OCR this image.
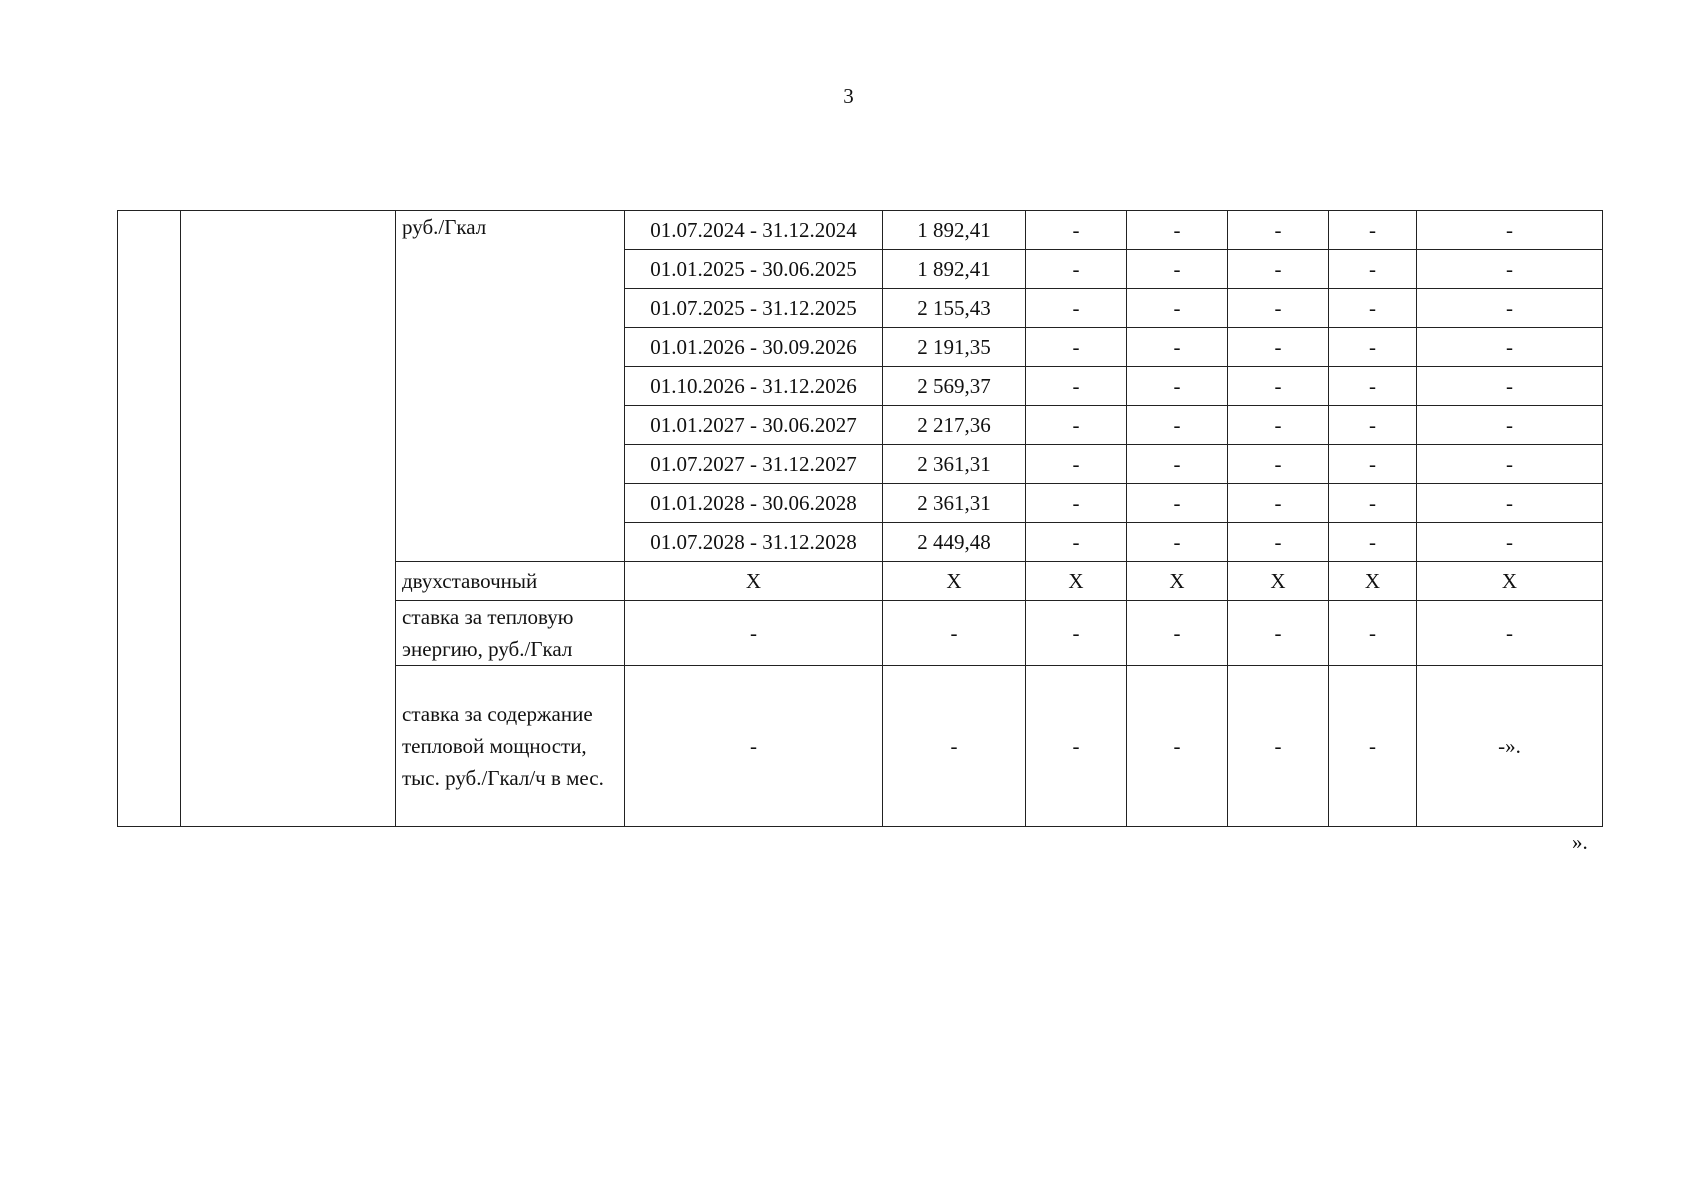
3
		руб./Гкал	01.07.2024 - 31.12.2024	1 892,41	-	-	-	-	-
			01.01.2025 - 30.06.2025	1 892,41	-	-	-	-	-
			01.07.2025 - 31.12.2025	2 155,43	-	-	-	-	-
			01.01.2026 - 30.09.2026	2 191,35	-	-	-	-	-
			01.10.2026 - 31.12.2026	2 569,37	-	-	-	-	-
			01.01.2027 - 30.06.2027	2 217,36	-	-	-	-	-
			01.07.2027 - 31.12.2027	2 361,31	-	-	-	-	-
			01.01.2028 - 30.06.2028	2 361,31	-	-	-	-	-
			01.07.2028 - 31.12.2028	2 449,48	-	-	-	-	-
		двухставочный	X	X	X	X	X	X	X
		ставка за тепловую энергию, руб./Гкал	-	-	-	-	-	-	-
		ставка за содержание тепловой мощности, тыс. руб./Гкал/ч в мес.	-	-	-	-	-	-	-».
».
